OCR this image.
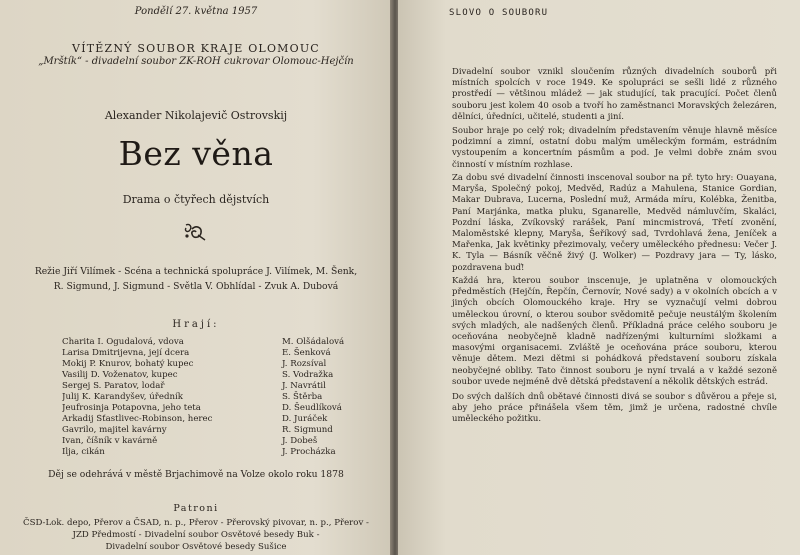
Pondělí 27. května 1957
VÍTĚZNÝ SOUBOR KRAJE OLOMOUC
„Mrštík“ - divadelní soubor ZK-ROH cukrovar Olomouc-Hejčín
Alexander Nikolajevič Ostrovskij
Bez věna
Drama o čtyřech dějstvích
Režie Jiří Vilímek - Scéna a technická spolupráce J. Vilímek, M. Šenk,
R. Sigmund, J. Sigmund - Světla V. Obhlídal - Zvuk A. Dubová
Hrají:
Charita I. Ogudalová, vdova	M. Olšádalová
Larisa Dmitrijevna, její dcera	E. Šenková
Mokij P. Knurov, bohatý kupec	J. Rozsíval
Vasilij D. Voženatov, kupec	S. Vodražka
Sergej S. Paratov, lodař	J. Navrátil
Julij K. Karandyšev, úředník	S. Štěrba
Jeufrosinja Potapovna, jeho teta	D. Šeudlíková
Arkadij Šťastlivec-Robinson, herec	D. Juráček
Gavrilo, majitel kavárny	R. Sigmund
Ivan, číšník v kavárně	J. Dobeš
Ilja, cikán	J. Procházka
Děj se odehrává v městě Brjachimově na Volze okolo roku 1878
Patroni
ČSD-Lok. depo, Přerov a ČSAD, n. p., Přerov - Přerovský pivovar, n. p., Přerov -
JZD Předmostí - Divadelní soubor Osvětové besedy Buk -
Divadelní soubor Osvětové besedy Sušice
SLOVO O SOUBORU
Divadelní soubor vznikl sloučením různých divadelních souborů při místních spolcích v roce 1949. Ke spolupráci se sešli lidé z různého prostředí — většinou mládež — jak studující, tak pracující. Počet členů souboru jest kolem 40 osob a tvoří ho zaměstnanci Moravských železáren, dělníci, úředníci, učitelé, studenti a jiní.
Soubor hraje po celý rok; divadelním představením věnuje hlavně měsíce podzimní a zimní, ostatní dobu malým uměleckým formám, estrádním vystoupením a koncertním pásmům a pod. Je velmi dobře znám svou činností v místním rozhlase.
Za dobu své divadelní činnosti inscenoval soubor na př. tyto hry: Ouayana, Maryša, Společný pokoj, Medvěd, Radúz a Mahulena, Stanice Gordian, Makar Dubrava, Lucerna, Poslední muž, Armáda míru, Kolébka, Ženitba, Paní Marjánka, matka pluku, Sganarelle, Medvěd námluvčím, Skaláci, Pozdní láska, Zvíkovský rarášek, Paní mincmistrová, Třetí zvonění, Maloměstské klepny, Maryša, Šeříkový sad, Tvrdohlavá žena, Jeníček a Mařenka, Jak květinky přezimovaly, večery uměleckého přednesu: Večer J. K. Tyla — Básník věčně živý (J. Wolker) — Pozdravy jara — Ty, lásko, pozdravena buď!
Každá hra, kterou soubor inscenuje, je uplatněna v olomouckých předměstích (Hejčín, Řepčín, Černovír, Nové sady) a v okolních obcích a v jiných obcích Olomouckého kraje. Hry se vyznačují velmi dobrou uměleckou úrovní, o kterou soubor svědomitě pečuje neustálým školením svých mladých, ale nadšených členů. Příkladná práce celého souboru je oceňována neobyčejně kladně nadřízenými kulturními složkami a masovými organisacemi. Zvláště je oceňována práce souboru, kterou věnuje dětem. Mezi dětmi si pohádková představení souboru získala neobyčejné obliby. Tato činnost souboru je nyní trvalá a v každé sezoně soubor uvede nejméně dvě dětská představení a několik dětských estrád.
Do svých dalších dnů obětavé činnosti divá se soubor s důvěrou a přeje si, aby jeho práce přinášela všem těm, jimž je určena, radostné chvíle uměleckého požitku.
